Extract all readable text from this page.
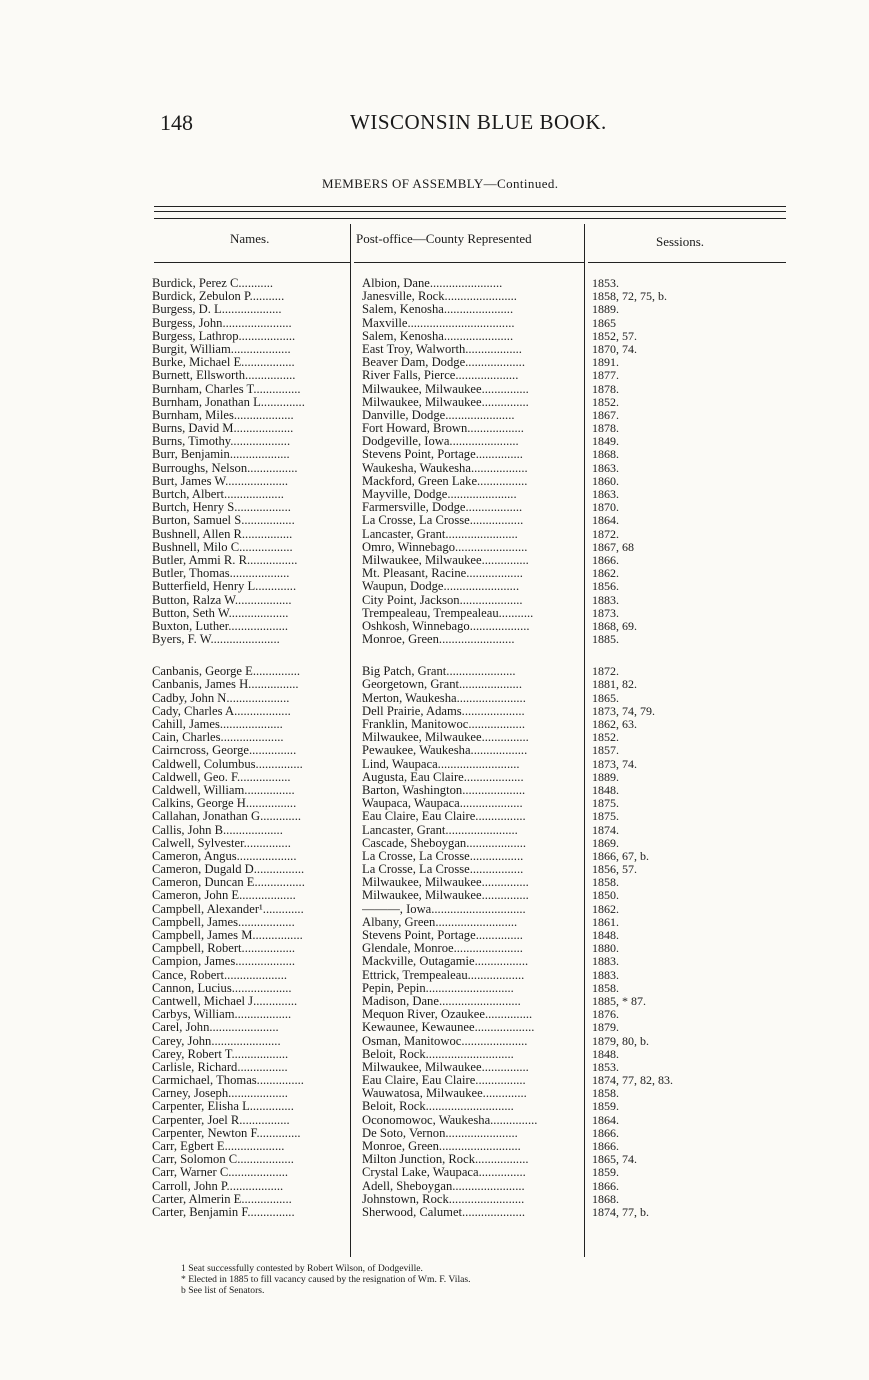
148	WISCONSIN BLUE BOOK.
MEMBERS OF ASSEMBLY—Continued.
Names.	Post-office—County Represented	Sessions.
Burdick, Perez C...........	Albion, Dane.......................	1853.
Burdick, Zebulon P...........	Janesville, Rock.......................	1858, 72, 75, b.
Burgess, D. L...................	Salem, Kenosha......................	1889.
Burgess, John......................	Maxville..................................	1865
Burgess, Lathrop..................	Salem, Kenosha......................	1852, 57.
Burgit, William...................	East Troy, Walworth..................	1870, 74.
Burke, Michael E.................	Beaver Dam, Dodge...................	1891.
Burnett, Ellsworth................	River Falls, Pierce....................	1877.
Burnham, Charles T...............	Milwaukee, Milwaukee...............	1878.
Burnham, Jonathan L..............	Milwaukee, Milwaukee...............	1852.
Burnham, Miles...................	Danville, Dodge......................	1867.
Burns, David M...................	Fort Howard, Brown..................	1878.
Burns, Timothy...................	Dodgeville, Iowa......................	1849.
Burr, Benjamin...................	Stevens Point, Portage...............	1868.
Burroughs, Nelson................	Waukesha, Waukesha..................	1863.
Burt, James W....................	Mackford, Green Lake................	1860.
Burtch, Albert...................	Mayville, Dodge......................	1863.
Burtch, Henry S..................	Farmersville, Dodge..................	1870.
Burton, Samuel S.................	La Crosse, La Crosse.................	1864.
Bushnell, Allen R................	Lancaster, Grant.......................	1872.
Bushnell, Milo C.................	Omro, Winnebago.......................	1867, 68
Butler, Ammi R. R................	Milwaukee, Milwaukee...............	1866.
Butler, Thomas...................	Mt. Pleasant, Racine..................	1862.
Butterfield, Henry L.............	Waupun, Dodge........................	1856.
Button, Ralza W..................	City Point, Jackson....................	1883.
Button, Seth W...................	Trempealeau, Trempealeau...........	1873.
Buxton, Luther...................	Oshkosh, Winnebago...................	1868, 69.
Byers, F. W......................	Monroe, Green........................	1885.
Canbanis, George E...............	Big Patch, Grant......................	1872.
Canbanis, James H................	Georgetown, Grant....................	1881, 82.
Cadby, John N....................	Merton, Waukesha......................	1865.
Cady, Charles A..................	Dell Prairie, Adams....................	1873, 74, 79.
Cahill, James....................	Franklin, Manitowoc..................	1862, 63.
Cain, Charles....................	Milwaukee, Milwaukee...............	1852.
Cairncross, George...............	Pewaukee, Waukesha..................	1857.
Caldwell, Columbus...............	Lind, Waupaca..........................	1873, 74.
Caldwell, Geo. F.................	Augusta, Eau Claire...................	1889.
Caldwell, William................	Barton, Washington....................	1848.
Calkins, George H................	Waupaca, Waupaca....................	1875.
Callahan, Jonathan G.............	Eau Claire, Eau Claire................	1875.
Callis, John B...................	Lancaster, Grant.......................	1874.
Calwell, Sylvester...............	Cascade, Sheboygan...................	1869.
Cameron, Angus...................	La Crosse, La Crosse.................	1866, 67, b.
Cameron, Dugald D................	La Crosse, La Crosse.................	1856, 57.
Cameron, Duncan E................	Milwaukee, Milwaukee...............	1858.
Cameron, John E..................	Milwaukee, Milwaukee...............	1850.
Campbell, Alexander¹.............	———, Iowa..............................	1862.
Campbell, James..................	Albany, Green..........................	1861.
Campbell, James M................	Stevens Point, Portage...............	1848.
Campbell, Robert.................	Glendale, Monroe......................	1880.
Campion, James...................	Mackville, Outagamie.................	1883.
Cance, Robert....................	Ettrick, Trempealeau..................	1883.
Cannon, Lucius...................	Pepin, Pepin............................	1858.
Cantwell, Michael J..............	Madison, Dane..........................	1885, * 87.
Carbys, William..................	Mequon River, Ozaukee...............	1876.
Carel, John......................	Kewaunee, Kewaunee...................	1879.
Carey, John......................	Osman, Manitowoc.....................	1879, 80, b.
Carey, Robert T..................	Beloit, Rock............................	1848.
Carlisle, Richard................	Milwaukee, Milwaukee...............	1853.
Carmichael, Thomas...............	Eau Claire, Eau Claire................	1874, 77, 82, 83.
Carney, Joseph...................	Wauwatosa, Milwaukee..............	1858.
Carpenter, Elisha L..............	Beloit, Rock............................	1859.
Carpenter, Joel R................	Oconomowoc, Waukesha...............	1864.
Carpenter, Newton F..............	De Soto, Vernon.......................	1866.
Carr, Egbert E...................	Monroe, Green..........................	1866.
Carr, Solomon C..................	Milton Junction, Rock.................	1865, 74.
Carr, Warner C...................	Crystal Lake, Waupaca...............	1859.
Carroll, John P..................	Adell, Sheboygan.......................	1866.
Carter, Almerin E................	Johnstown, Rock........................	1868.
Carter, Benjamin F...............	Sherwood, Calumet....................	1874, 77, b.
1 Seat successfully contested by Robert Wilson, of Dodgeville.
* Elected in 1885 to fill vacancy caused by the resignation of Wm. F. Vilas.
b See list of Senators.
